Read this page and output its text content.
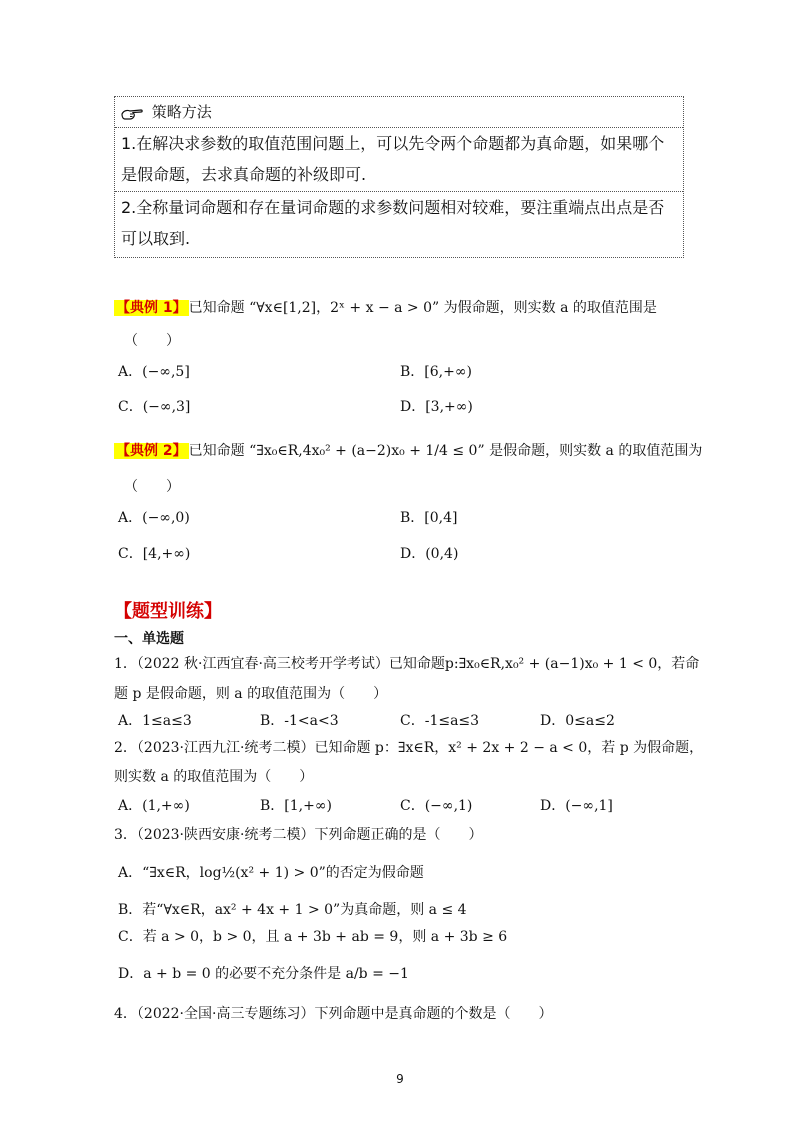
策略方法
1.在解决求参数的取值范围问题上，可以先令两个命题都为真命题，如果哪个
是假命题，去求真命题的补级即可.
2.全称量词命题和存在量词命题的求参数问题相对较难，要注重端点出点是否
可以取到.
【典例 1】 已知命题 “∀x∈[1,2]，2ˣ + x − a > 0” 为假命题，则实数 a 的取值范围是
（　　）
A．(−∞,5]	B．[6,+∞)
C．(−∞,3]	D．[3,+∞)
【典例 2】 已知命题 “∃x₀∈R,4x₀² + (a−2)x₀ + 1/4 ≤ 0” 是假命题，则实数 a 的取值范围为
（　　）
A．(−∞,0)	B．[0,4]
C．[4,+∞)	D．(0,4)
【题型训练】
一、单选题
1．（2022 秋·江西宜春·高三校考开学考试）已知命题p:∃x₀∈R,x₀² + (a−1)x₀ + 1 < 0，若命
题 p 是假命题，则 a 的取值范围为（　　）
A．1≤a≤3	B．-1<a<3	C．-1≤a≤3	D．0≤a≤2
2．（2023·江西九江·统考二模）已知命题 p：∃x∈R，x² + 2x + 2 − a < 0，若 p 为假命题，
则实数 a 的取值范围为（　　）
A．(1,+∞)	B．[1,+∞)	C．(−∞,1)	D．(−∞,1]
3．（2023·陕西安康·统考二模）下列命题正确的是（　　）
A．“∃x∈R，log½(x² + 1) > 0”的否定为假命题
B．若“∀x∈R，ax² + 4x + 1 > 0”为真命题，则 a ≤ 4
C．若 a > 0，b > 0，且 a + 3b + ab = 9，则 a + 3b ≥ 6
D．a + b = 0 的必要不充分条件是 a/b = −1
4．（2022·全国·高三专题练习）下列命题中是真命题的个数是（　　）
9
